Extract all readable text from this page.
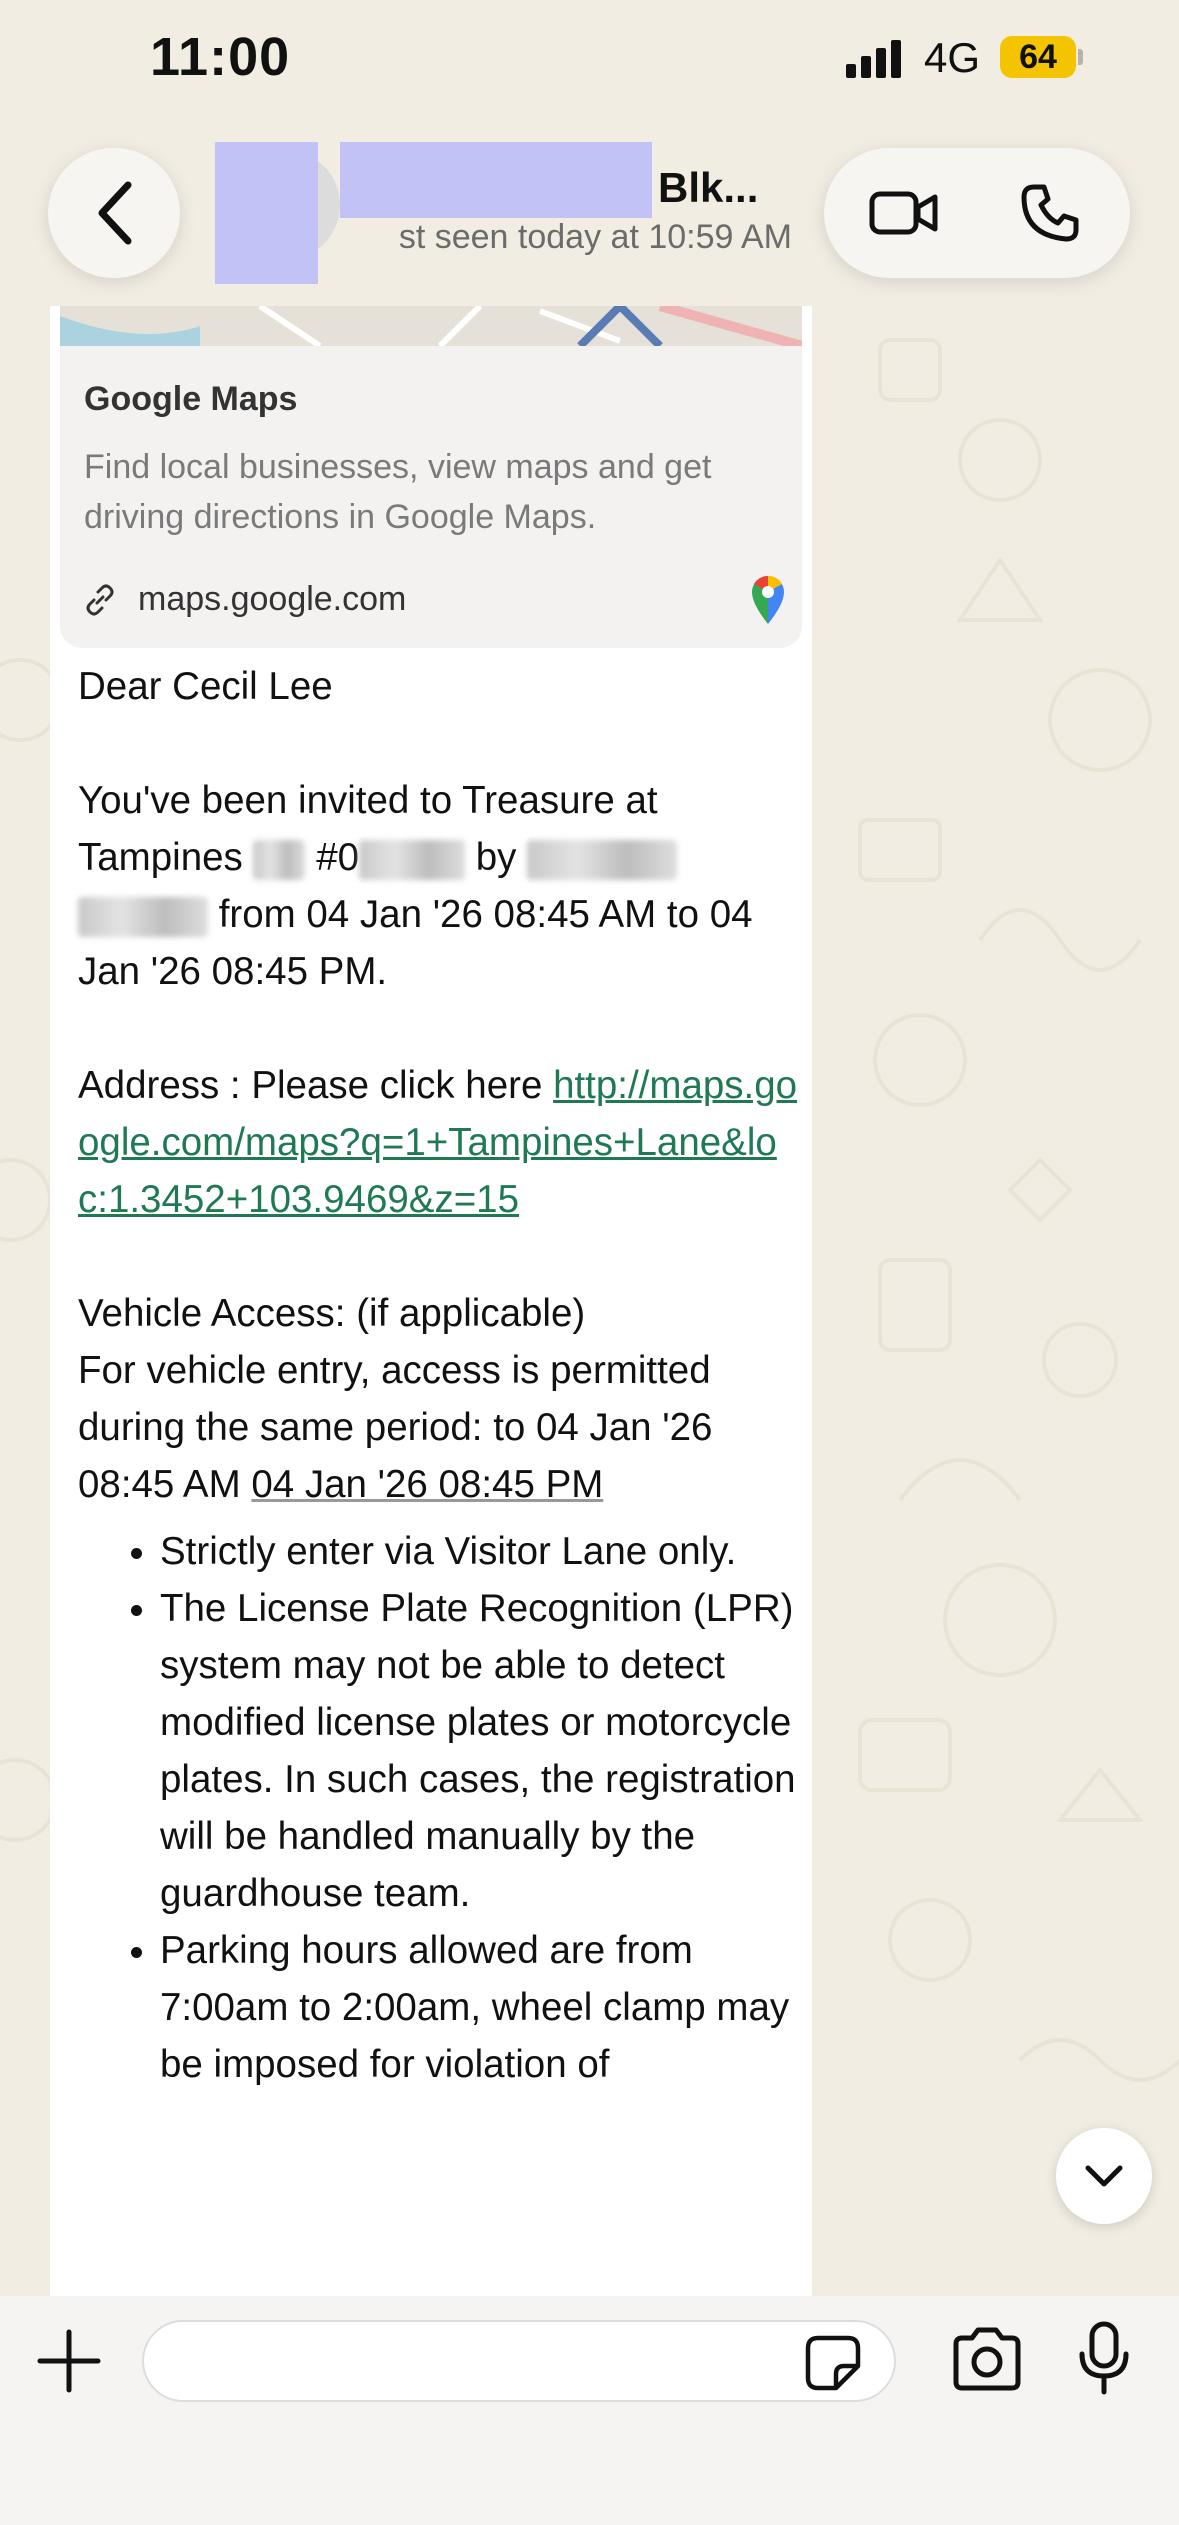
11:00	4G	64
Blk...
st seen today at 10:59 AM
Google Maps
Find local businesses, view maps and get driving directions in Google Maps.
maps.google.com

Dear Cecil Lee

You've been invited to Treasure at Tampines #0	by   from 04 Jan '26 08:45 AM to 04 Jan '26 08:45 PM.

Address : Please click here http://maps.google.com/maps?q=1+Tampines+Lane&loc:1.3452+103.9469&z=15

Vehicle Access: (if applicable)

For vehicle entry, access is permitted during the same period: to 04 Jan '26 08:45 AM 04 Jan '26 08:45 PM

• Strictly enter via Visitor Lane only.
• The License Plate Recognition (LPR) system may not be able to detect modified license plates or motorcycle plates. In such cases, the registration will be handled manually by the guardhouse team.
• Parking hours allowed are from 7:00am to 2:00am, wheel clamp may be imposed for violation of
